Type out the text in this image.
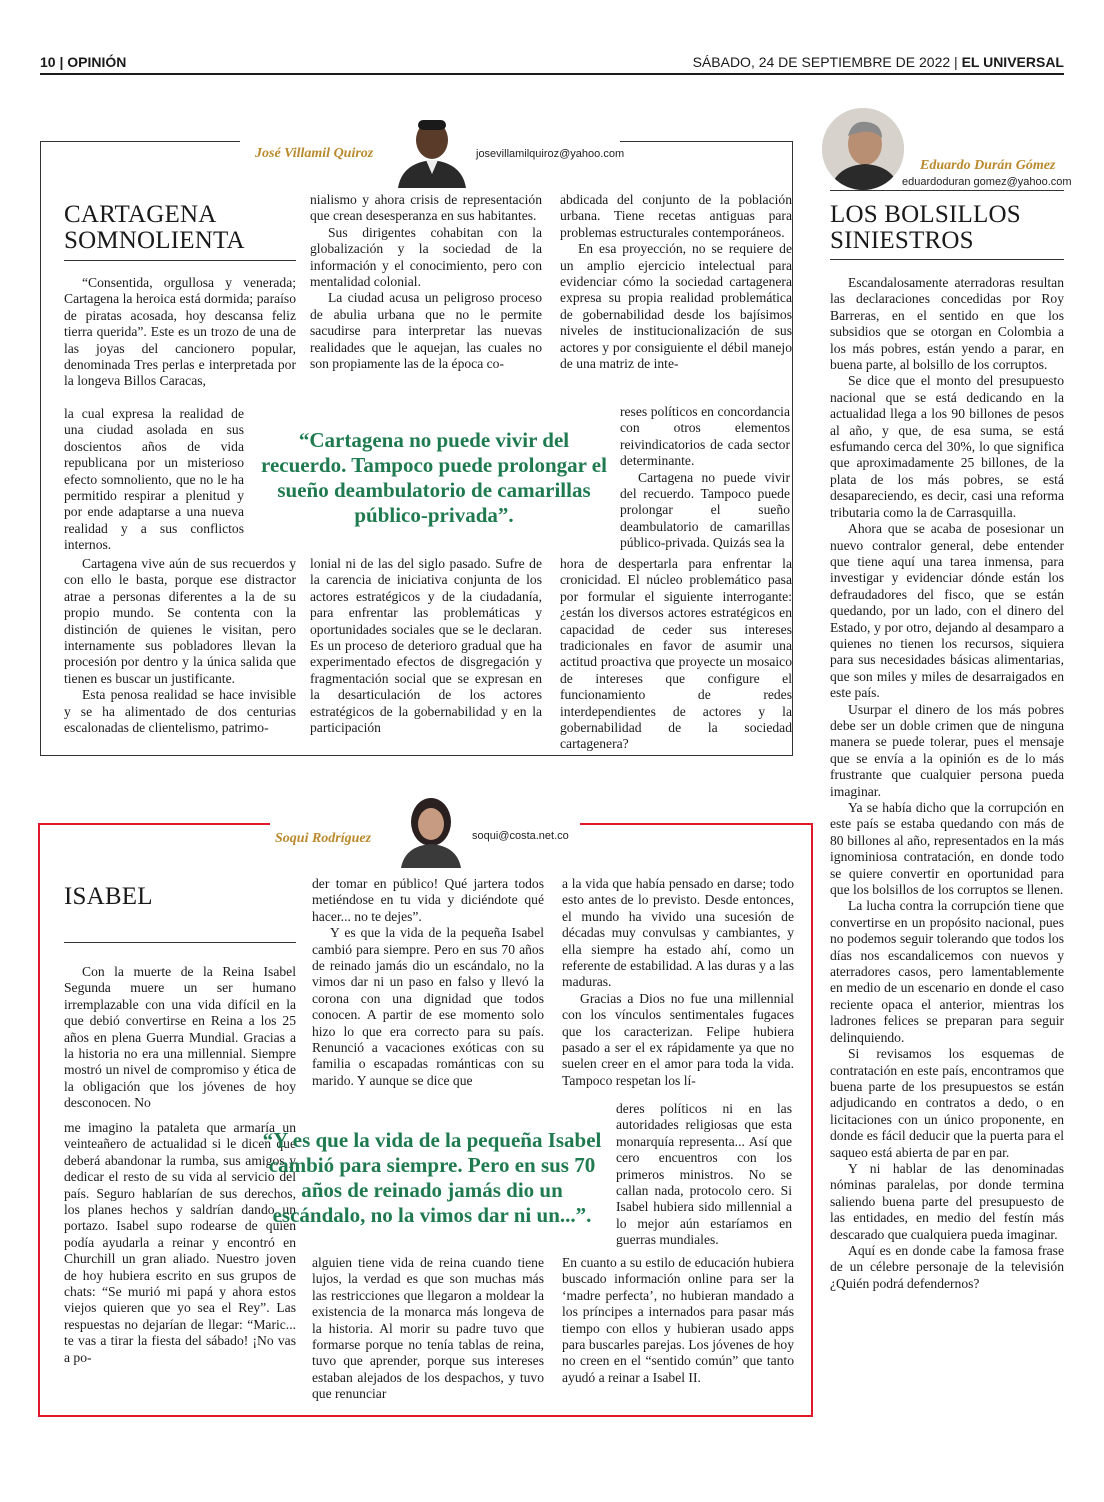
10 | OPINIÓN	SÁBADO, 24 DE SEPTIEMBRE DE 2022 | EL UNIVERSAL
José Villamil Quiroz	josevillamilquiroz@yahoo.com
CARTAGENA
SOMNOLIENTA

“Consentida, orgullosa y venerada; Cartagena la heroica está dormida; paraíso de piratas acosada, hoy descansa feliz tierra querida”. Este es un trozo de una de las joyas del cancionero popular, denominada Tres perlas e interpretada por la longeva Billos Caracas,

la cual expresa la realidad de una ciudad asolada en sus doscientos años de vida republicana por un misterioso efecto somnoliento, que no le ha permitido respirar a plenitud y por ende adaptarse a una nueva realidad y a sus conflictos internos.

Cartagena vive aún de sus recuerdos y con ello le basta, porque ese distractor atrae a personas diferentes a la de su propio mundo. Se contenta con la distinción de quienes le visitan, pero internamente sus pobladores llevan la procesión por dentro y la única salida que tienen es buscar un justificante.

Esta penosa realidad se hace invisible y se ha alimentado de dos centurias escalonadas de clientelismo, patrimo-

nialismo y ahora crisis de representación que crean desesperanza en sus habitantes.

Sus dirigentes cohabitan con la globalización y la sociedad de la información y el conocimiento, pero con mentalidad colonial.

La ciudad acusa un peligroso proceso de abulia urbana que no le permite sacudirse para interpretar las nuevas realidades que le aquejan, las cuales no son propiamente las de la época co-

lonial ni de las del siglo pasado. Sufre de la carencia de iniciativa conjunta de los actores estratégicos y de la ciudadanía, para enfrentar las problemáticas y oportunidades sociales que se le declaran. Es un proceso de deterioro gradual que ha experimentado efectos de disgregación y fragmentación social que se expresan en la desarticulación de los actores estratégicos de la gobernabilidad y en la participación

abdicada del conjunto de la población urbana. Tiene recetas antiguas para problemas estructurales contemporáneos.

En esa proyección, no se requiere de un amplio ejercicio intelectual para evidenciar cómo la sociedad cartagenera expresa su propia realidad problemática de gobernabilidad desde los bajísimos niveles de institucionalización de sus actores y por consiguiente el débil manejo de una matriz de inte-

reses políticos en concordancia con otros elementos reivindicatorios de cada sector determinante.

Cartagena no puede vivir del recuerdo. Tampoco puede prolongar el sueño deambulatorio de camarillas público-privada. Quizás sea la

hora de despertarla para enfrentar la cronicidad. El núcleo problemático pasa por formular el siguiente interrogante: ¿están los diversos actores estratégicos en capacidad de ceder sus intereses tradicionales en favor de asumir una actitud proactiva que proyecte un mosaico de intereses que configure el funcionamiento de redes interdependientes de actores y la gobernabilidad de la sociedad cartagenera?

“Cartagena no puede vivir del recuerdo. Tampoco puede prolongar el sueño deambulatorio de camarillas público-privada”.
Soqui Rodríguez	soqui@costa.net.co
ISABEL

Con la muerte de la Reina Isabel Segunda muere un ser humano irremplazable con una vida difícil en la que debió convertirse en Reina a los 25 años en plena Guerra Mundial. Gracias a la historia no era una millennial. Siempre mostró un nivel de compromiso y ética de la obligación que los jóvenes de hoy desconocen. No

me imagino la pataleta que armaría un veinteañero de actualidad si le dicen que deberá abandonar la rumba, sus amigos y dedicar el resto de su vida al servicio del país. Seguro hablarían de sus derechos, los planes hechos y saldrían dando un portazo. Isabel supo rodearse de quien podía ayudarla a reinar y encontró en Churchill un gran aliado. Nuestro joven de hoy hubiera escrito en sus grupos de chats: “Se murió mi papá y ahora estos viejos quieren que yo sea el Rey”. Las respuestas no dejarían de llegar: “Maric... te vas a tirar la fiesta del sábado! ¡No vas a po-

der tomar en público! Qué jartera todos metiéndose en tu vida y diciéndote qué hacer... no te dejes”.

Y es que la vida de la pequeña Isabel cambió para siempre. Pero en sus 70 años de reinado jamás dio un escándalo, no la vimos dar ni un paso en falso y llevó la corona con una dignidad que todos conocen. A partir de ese momento solo hizo lo que era correcto para su país. Renunció a vacaciones exóticas con su familia o escapadas románticas con su marido. Y aunque se dice que

alguien tiene vida de reina cuando tiene lujos, la verdad es que son muchas más las restricciones que llegaron a moldear la existencia de la monarca más longeva de la historia. Al morir su padre tuvo que formarse porque no tenía tablas de reina, tuvo que aprender, porque sus intereses estaban alejados de los despachos, y tuvo que renunciar

a la vida que había pensado en darse; todo esto antes de lo previsto. Desde entonces, el mundo ha vivido una sucesión de décadas muy convulsas y cambiantes, y ella siempre ha estado ahí, como un referente de estabilidad. A las duras y a las maduras.

Gracias a Dios no fue una millennial con los vínculos sentimentales fugaces que los caracterizan. Felipe hubiera pasado a ser el ex rápidamente ya que no suelen creer en el amor para toda la vida. Tampoco respetan los lí-

deres políticos ni en las autoridades religiosas que esta monarquía representa... Así que cero encuentros con los primeros ministros. No se callan nada, protocolo cero. Si Isabel hubiera sido millennial a lo mejor aún estaríamos en guerras mundiales.

En cuanto a su estilo de educación hubiera buscado información online para ser la ‘madre perfecta’, no hubieran mandado a los príncipes a internados para pasar más tiempo con ellos y hubieran usado apps para buscarles parejas. Los jóvenes de hoy no creen en el “sentido común” que tanto ayudó a reinar a Isabel II.

“Y es que la vida de la pequeña Isabel cambió para siempre. Pero en sus 70 años de reinado jamás dio un escándalo, no la vimos dar ni un...”.
Eduardo Durán Gómez
eduardoduran gomez@yahoo.com
LOS BOLSILLOS
SINIESTROS

Escandalosamente aterradoras resultan las declaraciones concedidas por Roy Barreras, en el sentido en que los subsidios que se otorgan en Colombia a los más pobres, están yendo a parar, en buena parte, al bolsillo de los corruptos.

Se dice que el monto del presupuesto nacional que se está dedicando en la actualidad llega a los 90 billones de pesos al año, y que, de esa suma, se está esfumando cerca del 30%, lo que significa que aproximadamente 25 billones, de la plata de los más pobres, se está desapareciendo, es decir, casi una reforma tributaria como la de Carrasquilla.

Ahora que se acaba de posesionar un nuevo contralor general, debe entender que tiene aquí una tarea inmensa, para investigar y evidenciar dónde están los defraudadores del fisco, que se están quedando, por un lado, con el dinero del Estado, y por otro, dejando al desamparo a quienes no tienen los recursos, siquiera para sus necesidades básicas alimentarias, que son miles y miles de desarraigados en este país.

Usurpar el dinero de los más pobres debe ser un doble crimen que de ninguna manera se puede tolerar, pues el mensaje que se envía a la opinión es de lo más frustrante que cualquier persona pueda imaginar.

Ya se había dicho que la corrupción en este país se estaba quedando con más de 80 billones al año, representados en la más ignominiosa contratación, en donde todo se quiere convertir en oportunidad para que los bolsillos de los corruptos se llenen.

La lucha contra la corrupción tiene que convertirse en un propósito nacional, pues no podemos seguir tolerando que todos los días nos escandalicemos con nuevos y aterradores casos, pero lamentablemente en medio de un escenario en donde el caso reciente opaca el anterior, mientras los ladrones felices se preparan para seguir delinquiendo.

Si revisamos los esquemas de contratación en este país, encontramos que buena parte de los presupuestos se están adjudicando en contratos a dedo, o en licitaciones con un único proponente, en donde es fácil deducir que la puerta para el saqueo está abierta de par en par.

Y ni hablar de las denominadas nóminas paralelas, por donde termina saliendo buena parte del presupuesto de las entidades, en medio del festín más descarado que cualquiera pueda imaginar.

Aquí es en donde cabe la famosa frase de un célebre personaje de la televisión ¿Quién podrá defendernos?
